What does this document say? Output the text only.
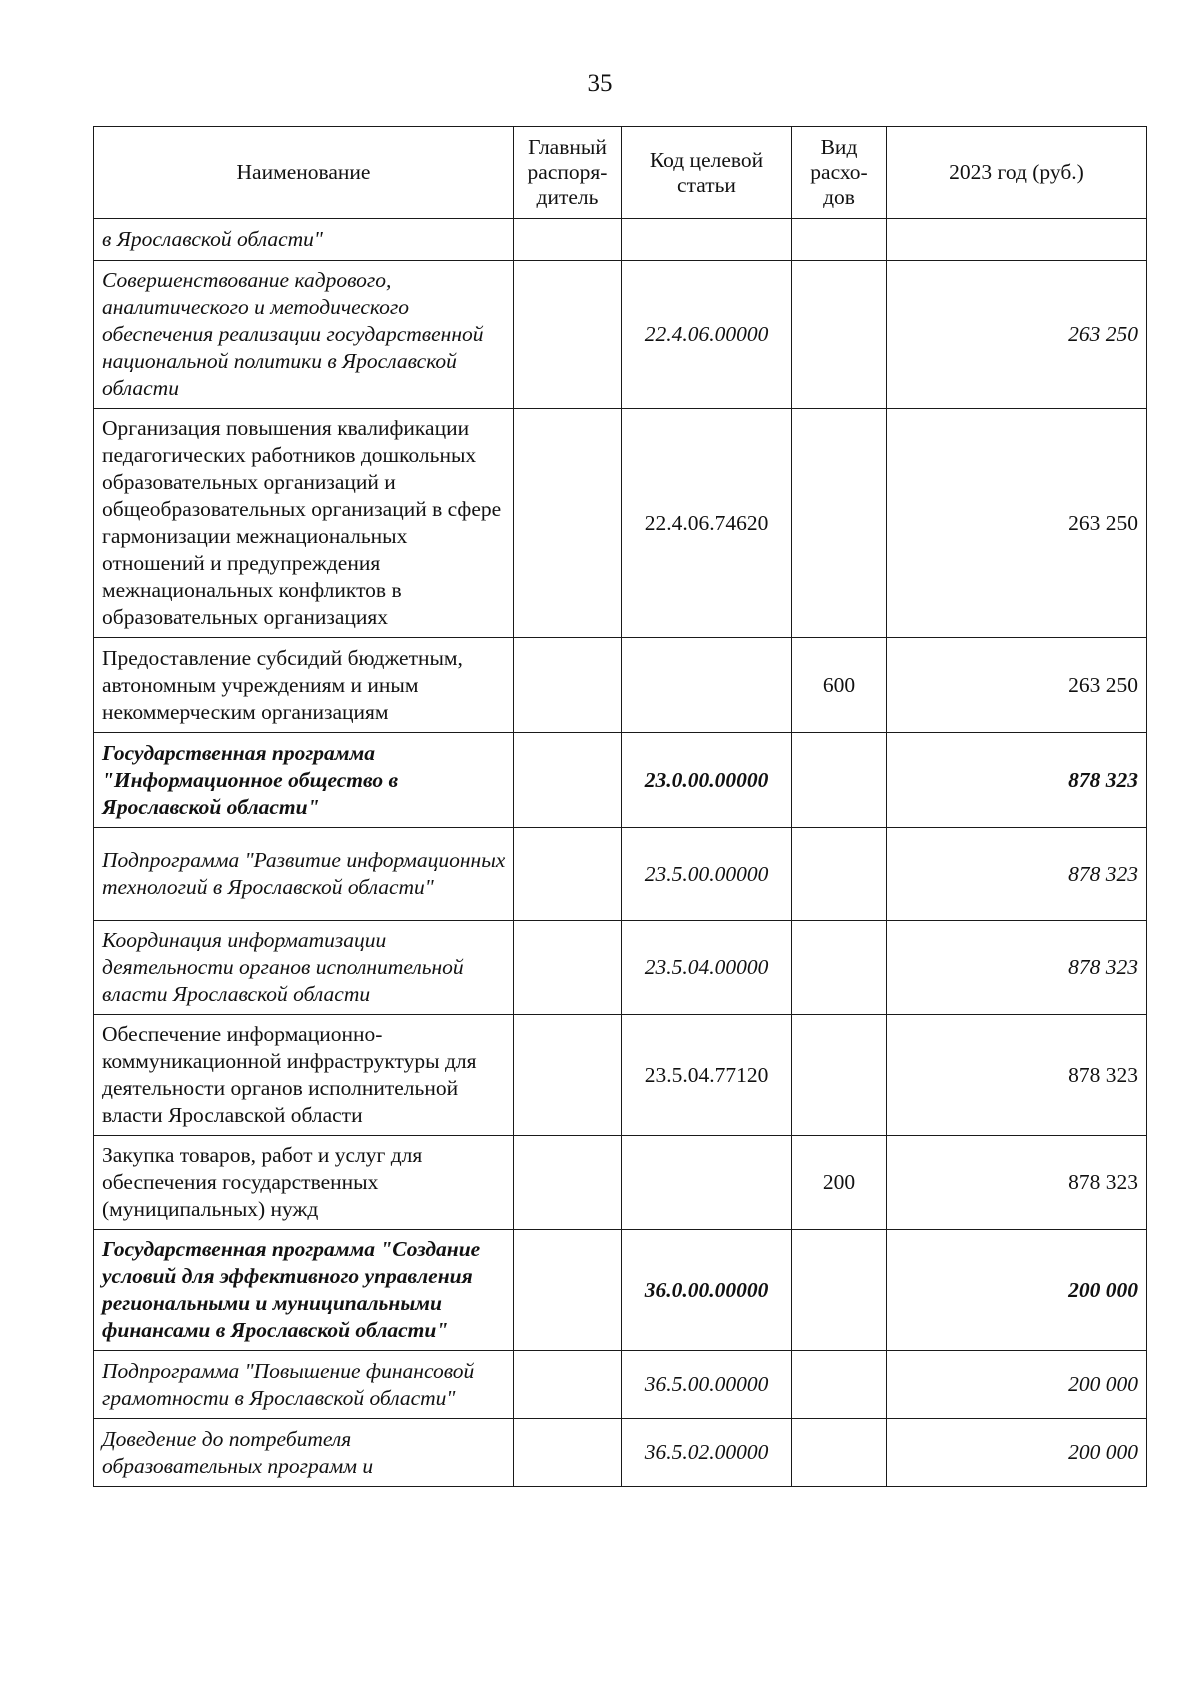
35
Наименование	Главный распоря-дитель	Код целевой статьи	Вид расхо-дов	2023 год (руб.)
в Ярославской области"				
Совершенствование кадрового, аналитического и методического обеспечения реализации государственной национальной политики в Ярославской области		22.4.06.00000		263 250
Организация повышения квалификации педагогических работников дошкольных образовательных организаций и общеобразовательных организаций в сфере гармонизации межнациональных отношений и предупреждения межнациональных конфликтов в образовательных организациях		22.4.06.74620		263 250
Предоставление субсидий бюджетным, автономным учреждениям и иным некоммерческим организациям			600	263 250
Государственная программа "Информационное общество в Ярославской области"		23.0.00.00000		878 323
Подпрограмма "Развитие информационных технологий в Ярославской области"		23.5.00.00000		878 323
Координация информатизации деятельности органов исполнительной власти Ярославской области		23.5.04.00000		878 323
Обеспечение информационно-коммуникационной инфраструктуры для деятельности органов исполнительной власти Ярославской области		23.5.04.77120		878 323
Закупка товаров, работ и услуг для обеспечения государственных (муниципальных) нужд			200	878 323
Государственная программа "Создание условий для эффективного управления региональными и муниципальными финансами в Ярославской области"		36.0.00.00000		200 000
Подпрограмма "Повышение финансовой грамотности в Ярославской области"		36.5.00.00000		200 000
Доведение до потребителя образовательных программ и		36.5.02.00000		200 000
